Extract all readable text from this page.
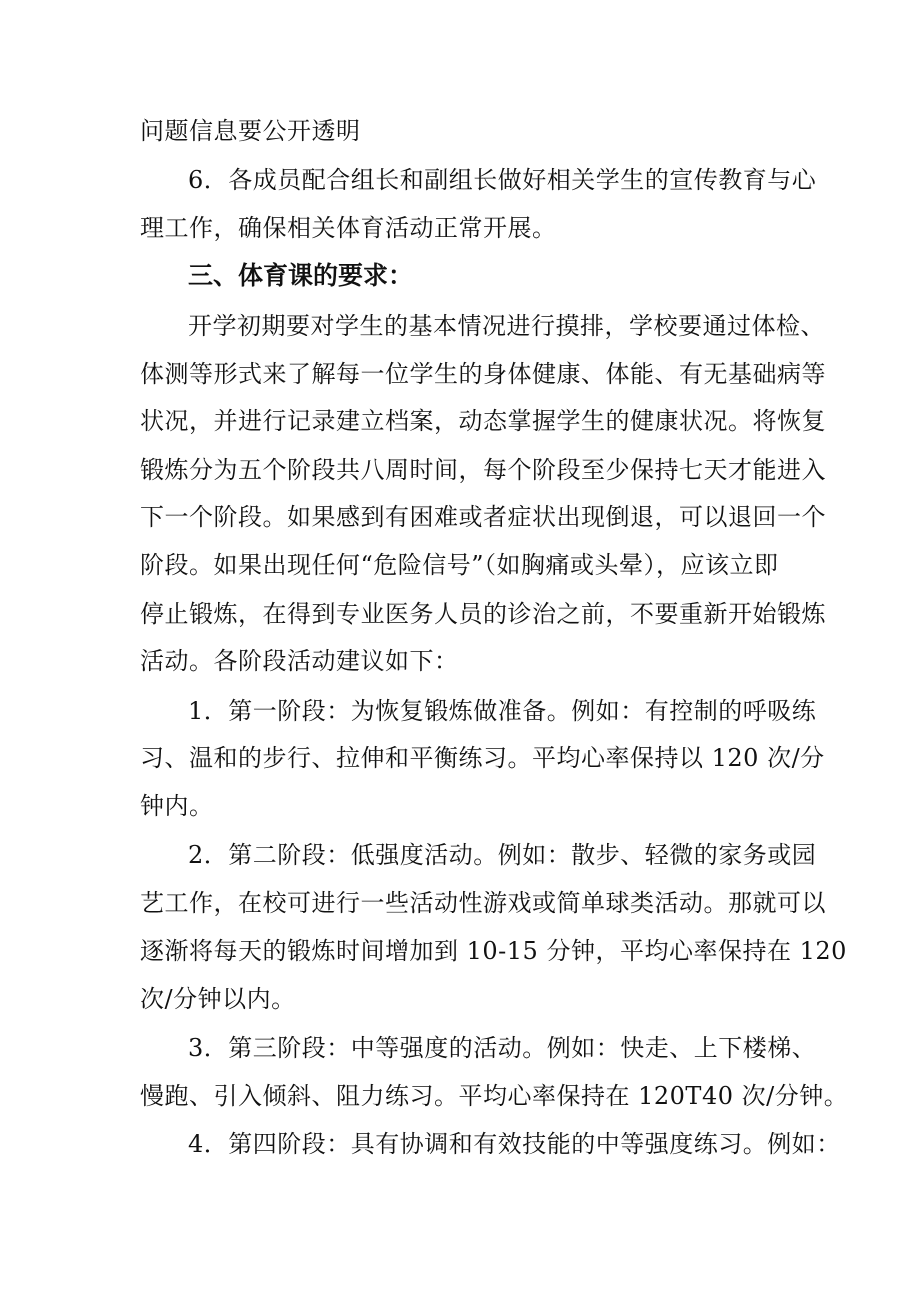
问题信息要公开透明
6．各成员配合组长和副组长做好相关学生的宣传教育与心
理工作，确保相关体育活动正常开展。
三、体育课的要求：
开学初期要对学生的基本情况进行摸排，学校要通过体检、
体测等形式来了解每一位学生的身体健康、体能、有无基础病等
状况，并进行记录建立档案，动态掌握学生的健康状况。将恢复
锻炼分为五个阶段共八周时间，每个阶段至少保持七天才能进入
下一个阶段。如果感到有困难或者症状出现倒退，可以退回一个
阶段。如果出现任何“危险信号”（如胸痛或头晕），应该立即
停止锻炼，在得到专业医务人员的诊治之前，不要重新开始锻炼
活动。各阶段活动建议如下：
1．第一阶段：为恢复锻炼做准备。例如：有控制的呼吸练
习、温和的步行、拉伸和平衡练习。平均心率保持以 120 次/分
钟内。
2．第二阶段：低强度活动。例如：散步、轻微的家务或园
艺工作，在校可进行一些活动性游戏或简单球类活动。那就可以
逐渐将每天的锻炼时间增加到 10-15 分钟，平均心率保持在 120
次/分钟以内。
3．第三阶段：中等强度的活动。例如：快走、上下楼梯、
慢跑、引入倾斜、阻力练习。平均心率保持在 120T40 次/分钟。
4．第四阶段：具有协调和有效技能的中等强度练习。例如：
